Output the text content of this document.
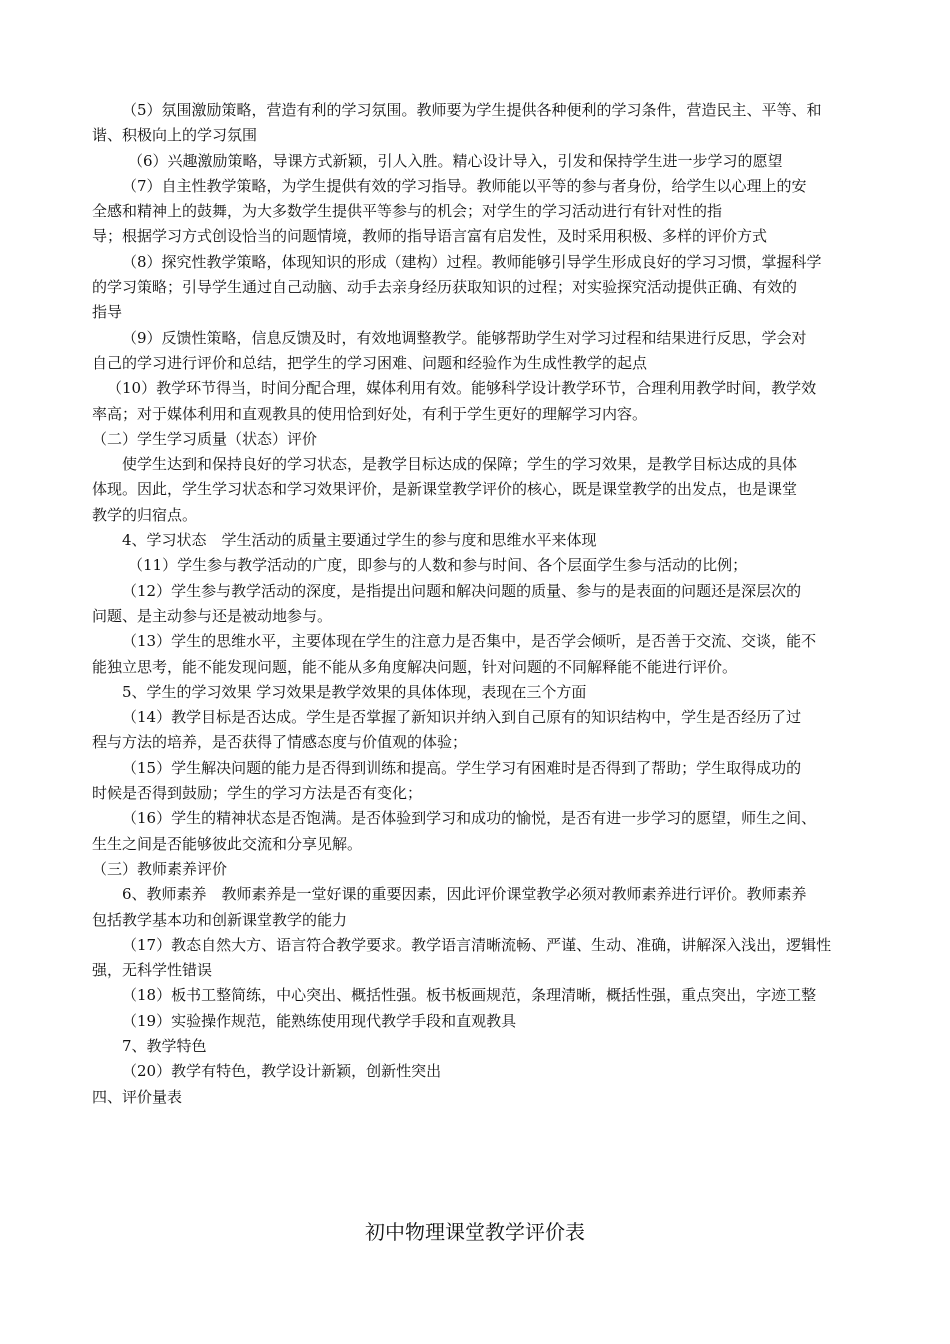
（5）氛围激励策略，营造有利的学习氛围。教师要为学生提供各种便利的学习条件，营造民主、平等、和
谐、积极向上的学习氛围
（6）兴趣激励策略，导课方式新颖，引人入胜。精心设计导入，引发和保持学生进一步学习的愿望
（7）自主性教学策略，为学生提供有效的学习指导。教师能以平等的参与者身份，给学生以心理上的安
全感和精神上的鼓舞，为大多数学生提供平等参与的机会；对学生的学习活动进行有针对性的指
导；根据学习方式创设恰当的问题情境，教师的指导语言富有启发性，及时采用积极、多样的评价方式
（8）探究性教学策略，体现知识的形成（建构）过程。教师能够引导学生形成良好的学习习惯，掌握科学
的学习策略；引导学生通过自己动脑、动手去亲身经历获取知识的过程；对实验探究活动提供正确、有效的
指导
（9）反馈性策略，信息反馈及时，有效地调整教学。能够帮助学生对学习过程和结果进行反思，学会对
自己的学习进行评价和总结，把学生的学习困难、问题和经验作为生成性教学的起点
（10）教学环节得当，时间分配合理，媒体利用有效。能够科学设计教学环节，合理利用教学时间，教学效
率高；对于媒体利用和直观教具的使用恰到好处，有利于学生更好的理解学习内容。
（二）学生学习质量（状态）评价
使学生达到和保持良好的学习状态，是教学目标达成的保障；学生的学习效果，是教学目标达成的具体
体现。因此，学生学习状态和学习效果评价，是新课堂教学评价的核心，既是课堂教学的出发点，也是课堂
教学的归宿点。
4、学习状态　学生活动的质量主要通过学生的参与度和思维水平来体现
（11）学生参与教学活动的广度，即参与的人数和参与时间、各个层面学生参与活动的比例；
（12）学生参与教学活动的深度，是指提出问题和解决问题的质量、参与的是表面的问题还是深层次的
问题、是主动参与还是被动地参与。
（13）学生的思维水平，主要体现在学生的注意力是否集中，是否学会倾听，是否善于交流、交谈，能不
能独立思考，能不能发现问题，能不能从多角度解决问题，针对问题的不同解释能不能进行评价。
5、学生的学习效果 学习效果是教学效果的具体体现，表现在三个方面
（14）教学目标是否达成。学生是否掌握了新知识并纳入到自己原有的知识结构中，学生是否经历了过
程与方法的培养，是否获得了情感态度与价值观的体验；
（15）学生解决问题的能力是否得到训练和提高。学生学习有困难时是否得到了帮助；学生取得成功的
时候是否得到鼓励；学生的学习方法是否有变化；
（16）学生的精神状态是否饱满。是否体验到学习和成功的愉悦，是否有进一步学习的愿望，师生之间、
生生之间是否能够彼此交流和分享见解。
（三）教师素养评价
6、教师素养　教师素养是一堂好课的重要因素，因此评价课堂教学必须对教师素养进行评价。教师素养
包括教学基本功和创新课堂教学的能力
（17）教态自然大方、语言符合教学要求。教学语言清晰流畅、严谨、生动、准确，讲解深入浅出，逻辑性
强，无科学性错误
（18）板书工整简练，中心突出、概括性强。板书板画规范，条理清晰，概括性强，重点突出，字迹工整
（19）实验操作规范，能熟练使用现代教学手段和直观教具
7、教学特色
（20）教学有特色，教学设计新颖，创新性突出
四、评价量表
初中物理课堂教学评价表
